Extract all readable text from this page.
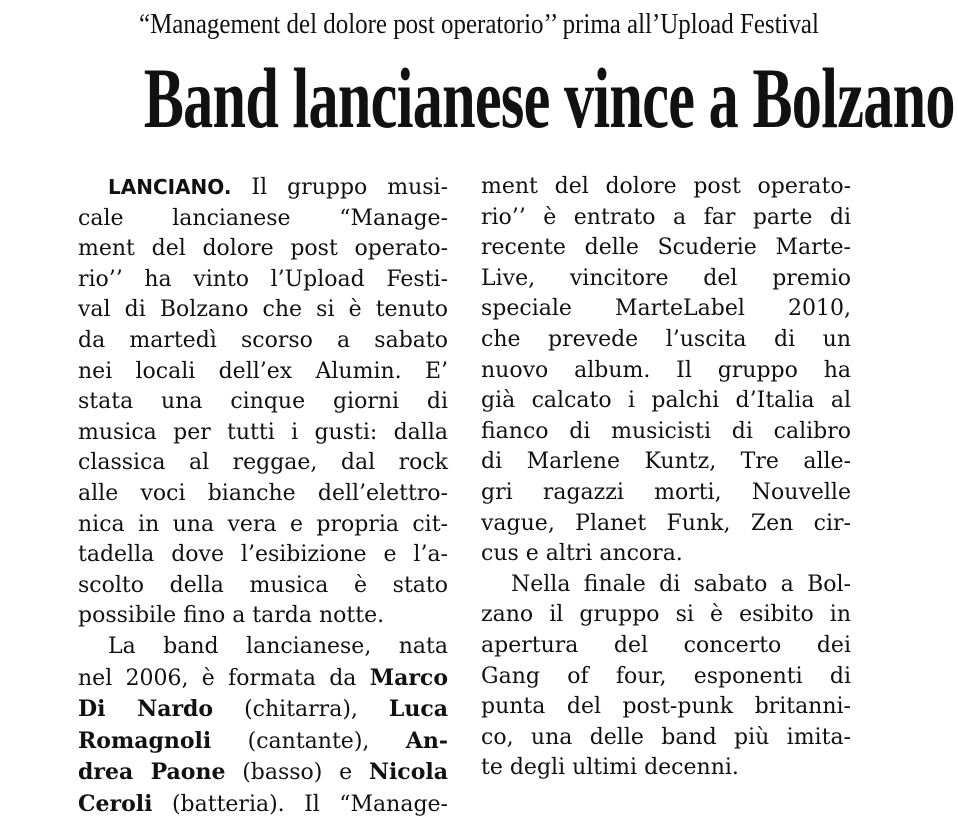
“Management del dolore post operatorio’’ prima all’Upload Festival
Band lancianese vince a Bolzano
LANCIANO. Il gruppo musi-
cale lancianese “Manage-
ment del dolore post operato-
rio’’ ha vinto l’Upload Festi-
val di Bolzano che si è tenuto
da martedì scorso a sabato
nei locali dell’ex Alumin. E’
stata una cinque giorni di
musica per tutti i gusti: dalla
classica al reggae, dal rock
alle voci bianche dell’elettro-
nica in una vera e propria cit-
tadella dove l’esibizione e l’a-
scolto della musica è stato
possibile fino a tarda notte.
La band lancianese, nata
nel 2006, è formata da Marco
Di Nardo (chitarra), Luca
Romagnoli (cantante), An-
drea Paone (basso) e Nicola
Ceroli (batteria). Il “Manage-
ment del dolore post operato-
rio’’ è entrato a far parte di
recente delle Scuderie Marte-
Live, vincitore del premio
speciale MarteLabel 2010,
che prevede l’uscita di un
nuovo album. Il gruppo ha
già calcato i palchi d’Italia al
fianco di musicisti di calibro
di Marlene Kuntz, Tre alle-
gri ragazzi morti, Nouvelle
vague, Planet Funk, Zen cir-
cus e altri ancora.
Nella finale di sabato a Bol-
zano il gruppo si è esibito in
apertura del concerto dei
Gang of four, esponenti di
punta del post-punk britanni-
co, una delle band più imita-
te degli ultimi decenni.
